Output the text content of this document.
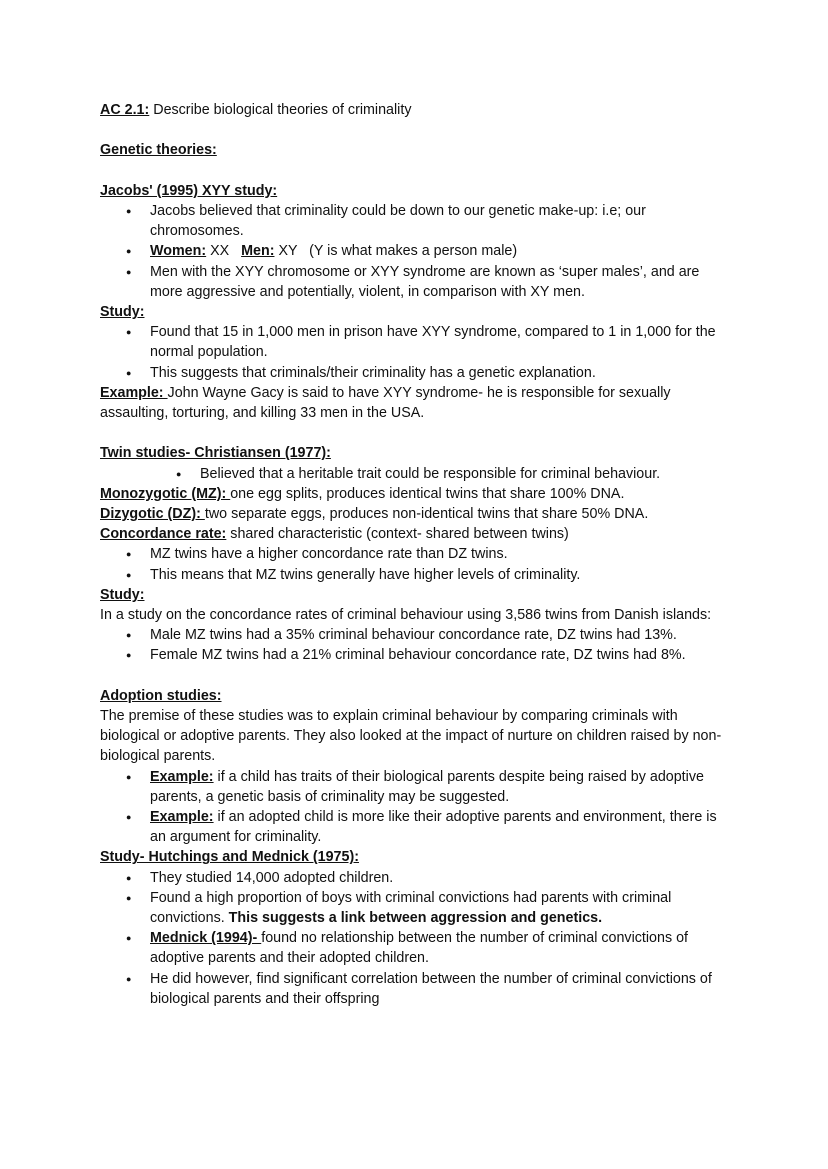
AC 2.1: Describe biological theories of criminality

Genetic theories:

Jacobs' (1995) XYY study:

● Jacobs believed that criminality could be down to our genetic make-up: i.e; our chromosomes.
● Women: XX   Men: XY   (Y is what makes a person male)
● Men with the XYY chromosome or XYY syndrome are known as ‘super males’, and are more aggressive and potentially, violent, in comparison with XY men.

Study:

● Found that 15 in 1,000 men in prison have XYY syndrome, compared to 1 in 1,000 for the normal population.
● This suggests that criminals/their criminality has a genetic explanation.

Example: John Wayne Gacy is said to have XYY syndrome- he is responsible for sexually assaulting, torturing, and killing 33 men in the USA.

Twin studies- Christiansen (1977):

● Believed that a heritable trait could be responsible for criminal behaviour.

Monozygotic (MZ): one egg splits, produces identical twins that share 100% DNA.

Dizygotic (DZ): two separate eggs, produces non-identical twins that share 50% DNA.

Concordance rate: shared characteristic (context- shared between twins)

● MZ twins have a higher concordance rate than DZ twins.
● This means that MZ twins generally have higher levels of criminality.

Study:

In a study on the concordance rates of criminal behaviour using 3,586 twins from Danish islands:

● Male MZ twins had a 35% criminal behaviour concordance rate, DZ twins had 13%.
● Female MZ twins had a 21% criminal behaviour concordance rate, DZ twins had 8%.

Adoption studies:

The premise of these studies was to explain criminal behaviour by comparing criminals with biological or adoptive parents. They also looked at the impact of nurture on children raised by non-biological parents.

● Example: if a child has traits of their biological parents despite being raised by adoptive parents, a genetic basis of criminality may be suggested.
● Example: if an adopted child is more like their adoptive parents and environment, there is an argument for criminality.

Study- Hutchings and Mednick (1975):

● They studied 14,000 adopted children.
● Found a high proportion of boys with criminal convictions had parents with criminal convictions. This suggests a link between aggression and genetics.
● Mednick (1994)- found no relationship between the number of criminal convictions of adoptive parents and their adopted children.
● He did however, find significant correlation between the number of criminal convictions of biological parents and their offspring
